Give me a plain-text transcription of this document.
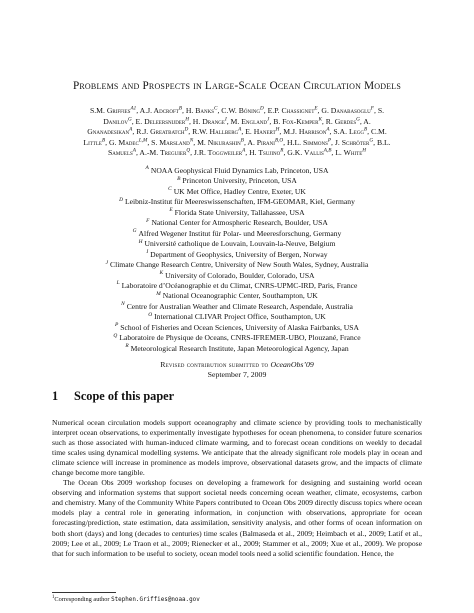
Problems and Prospects in Large-Scale Ocean Circulation Models
S.M. Griffies$^{A1}$, A.J. Adcroft$^B$, H. Banks$^C$, C.W. Böning$^D$, E.P. Chassignet$^E$, G. Danabasoglu$^F$, S.
Danilov$^G$, E. Deleersnijder$^H$, H. Drange$^I$, M. England$^J$, B. Fox-Kemper$^K$, R. Gerdes$^G$, A.
Gnanadesikan$^A$, R.J. Greatbatch$^D$, R.W. Hallberg$^A$, E. Hanert$^H$, M.J. Harrison$^A$, S.A. Legg$^B$, C.M.
Little$^B$, G. Madec$^{L,M}$, S. Marsland$^N$, M. Nikurashin$^B$, A. Pirani$^{B,O}$, H.L. Simmons$^P$, J. Schröter$^G$, B.L.
Samuels$^A$, A.-M. Treguier$^Q$, J.R. Toggweiler$^A$, H. Tsujino$^R$, G.K. Vallis$^{A,B}$, L. White$^H$
$^A$ NOAA Geophysical Fluid Dynamics Lab, Princeton, USA
$^B$ Princeton University, Princeton, USA
$^C$ UK Met Office, Hadley Centre, Exeter, UK
$^D$ Leibniz-Institut für Meereswissenschaften, IFM-GEOMAR, Kiel, Germany
$^E$ Florida State University, Tallahassee, USA
$^F$ National Center for Atmospheric Research, Boulder, USA
$^G$ Alfred Wegener Institut für Polar- und Meeresforschung, Germany
$^H$ Université catholique de Louvain, Louvain-la-Neuve, Belgium
$^I$ Department of Geophysics, University of Bergen, Norway
$^J$ Climate Change Research Centre, University of New South Wales, Sydney, Australia
$^K$ University of Colorado, Boulder, Colorado, USA
$^L$ Laboratoire d’Océanographie et du Climat, CNRS-UPMC-IRD, Paris, France
$^M$ National Oceanographic Center, Southampton, UK
$^N$ Centre for Australian Weather and Climate Research, Aspendale, Australia
$^O$ International CLIVAR Project Office, Southampton, UK
$^P$ School of Fisheries and Ocean Sciences, University of Alaska Fairbanks, USA
$^Q$ Laboratoire de Physique de Oceans, CNRS-IFREMER-UBO, Plouzané, France
$^R$ Meteorological Research Institute, Japan Meteorological Agency, Japan
Revised contribution submitted to OceanObs’09
September 7, 2009
1 Scope of this paper

Numerical ocean circulation models support oceanography and climate science by providing tools to mechanistically interpret ocean observations, to experimentally investigate hypotheses for ocean phenomena, to consider future scenarios such as those associated with human-induced climate warming, and to forecast ocean conditions on weekly to decadal time scales using dynamical modelling systems. We anticipate that the already significant role models play in ocean and climate science will increase in prominence as models improve, observational datasets grow, and the impacts of climate change become more tangible.

The Ocean Obs 2009 workshop focuses on developing a framework for designing and sustaining world ocean observing and information systems that support societal needs concerning ocean weather, climate, ecosystems, carbon and chemistry. Many of the Community White Papers contributed to Ocean Obs 2009 directly discuss topics where ocean models play a central role in generating information, in conjunction with observations, appropriate for ocean forecasting/prediction, state estimation, data assimilation, sensitivity analysis, and other forms of ocean information on both short (days) and long (decades to centuries) time scales (Balmaseda et al., 2009; Heimbach et al., 2009; Latif et al., 2009; Lee et al., 2009; Le Traon et al., 2009; Rienecker et al., 2009; Stammer et al., 2009; Xue et al., 2009). We propose that for such information to be useful to society, ocean model tools need a solid scientific foundation. Hence, the

$^1$Corresponding author Stephen.Griffies@noaa.gov
